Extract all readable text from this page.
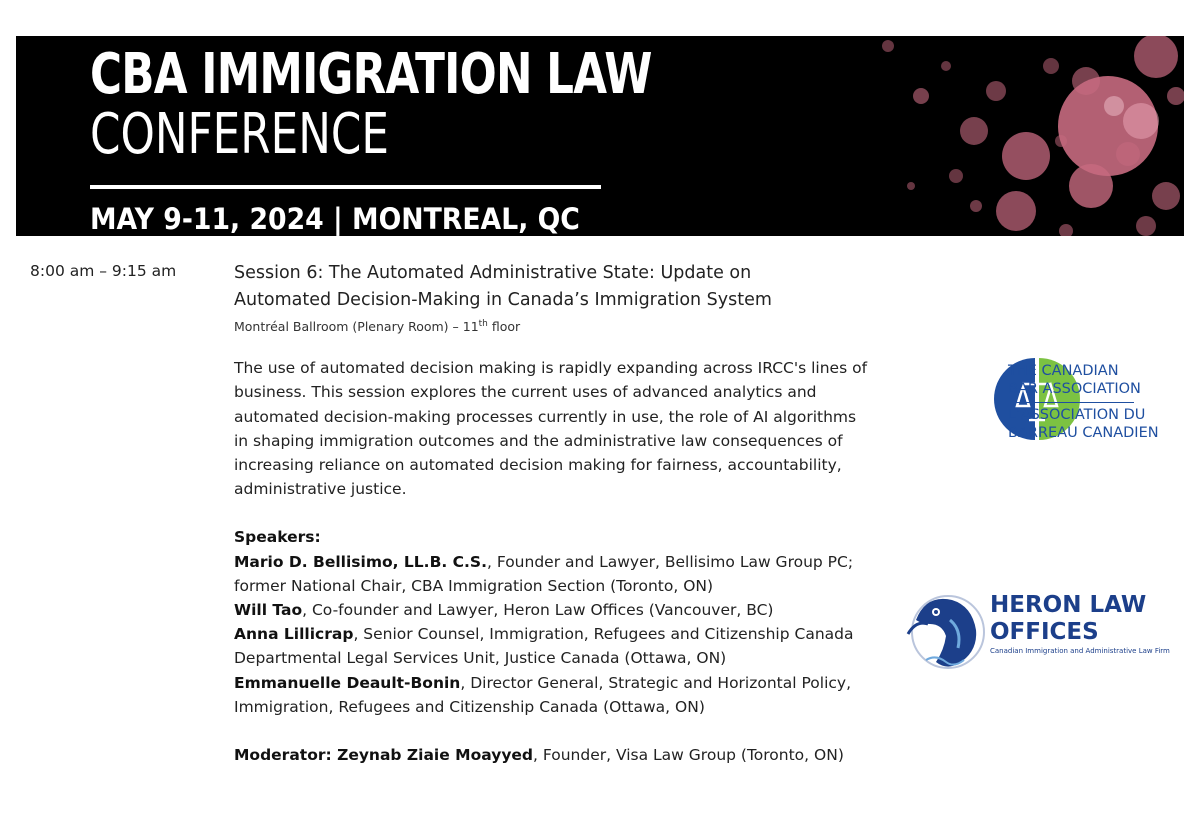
CBA IMMIGRATION LAW
CONFERENCE
MAY 9-11, 2024 | MONTREAL, QC
8:00 am – 9:15 am	Session 6: The Automated Administrative State: Update on
Automated Decision-Making in Canada’s Immigration System

Montréal Ballroom (Plenary Room) – 11th floor
The use of automated decision making is rapidly expanding across IRCC's lines of business. This session explores the current uses of advanced analytics and automated decision-making processes currently in use, the role of AI algorithms in shaping immigration outcomes and the administrative law consequences of increasing reliance on automated decision making for fairness, accountability, administrative justice.
Speakers:
Mario D. Bellisimo, LL.B. C.S., Founder and Lawyer, Bellisimo Law Group PC; former National Chair, CBA Immigration Section (Toronto, ON)
Will Tao, Co-founder and Lawyer, Heron Law Offices (Vancouver, BC)
Anna Lillicrap, Senior Counsel, Immigration, Refugees and Citizenship Canada Departmental Legal Services Unit, Justice Canada (Ottawa, ON)
Emmanuelle Deault-Bonin, Director General, Strategic and Horizontal Policy, Immigration, Refugees and Citizenship Canada (Ottawa, ON)
Moderator: Zeynab Ziaie Moayyed, Founder, Visa Law Group (Toronto, ON)
THE CANADIAN
BAR ASSOCIATION
L’ASSOCIATION DU
BARREAU CANADIEN
HERON LAW
OFFICES
Canadian Immigration and Administrative Law Firm
